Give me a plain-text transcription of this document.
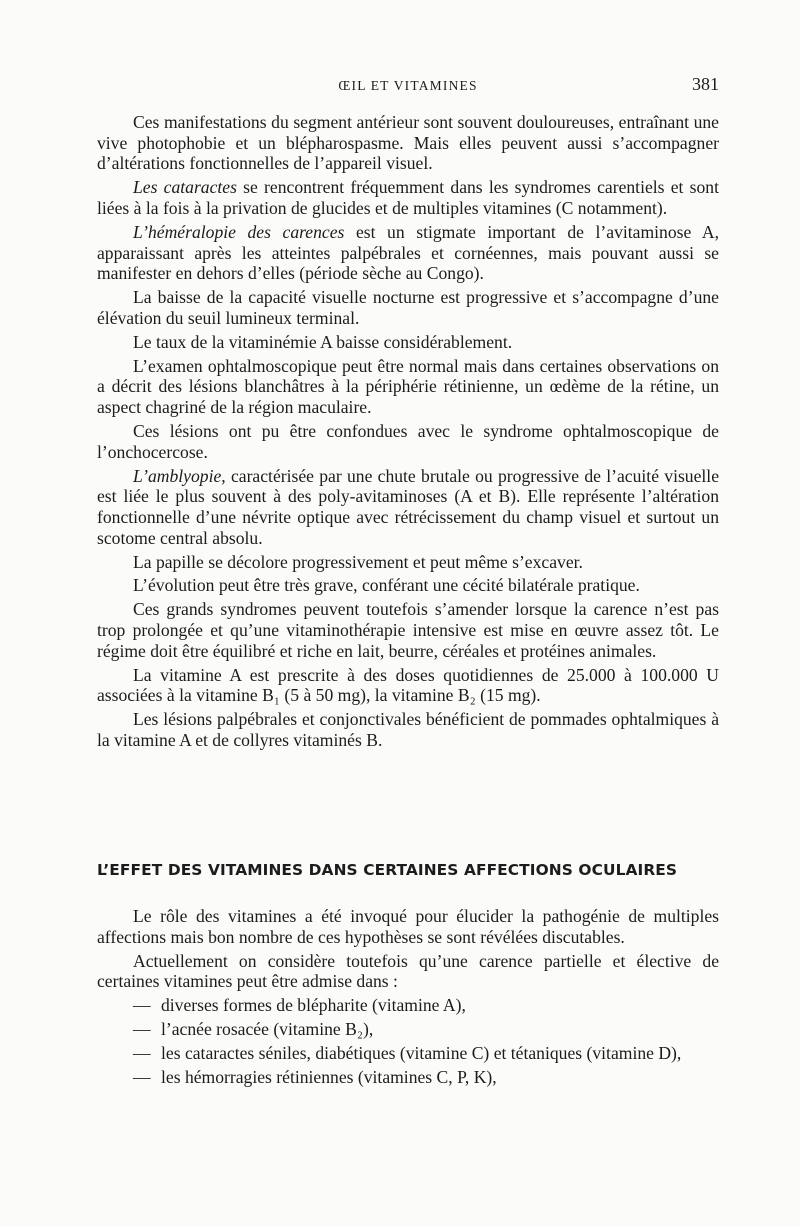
ŒIL ET VITAMINES	381

Ces manifestations du segment antérieur sont souvent douloureuses, entraînant une vive photophobie et un blépharospasme. Mais elles peuvent aussi s’accompagner d’altérations fonctionnelles de l’appareil visuel.

Les cataractes se rencontrent fréquemment dans les syndromes carentiels et sont liées à la fois à la privation de glucides et de multiples vitamines (C notamment).

L’héméralopie des carences est un stigmate important de l’avitaminose A, apparaissant après les atteintes palpébrales et cornéennes, mais pouvant aussi se manifester en dehors d’elles (période sèche au Congo).

La baisse de la capacité visuelle nocturne est progressive et s’accompagne d’une élévation du seuil lumineux terminal.

Le taux de la vitaminémie A baisse considérablement.

L’examen ophtalmoscopique peut être normal mais dans certaines observations on a décrit des lésions blanchâtres à la périphérie rétinienne, un œdème de la rétine, un aspect chagriné de la région maculaire.

Ces lésions ont pu être confondues avec le syndrome ophtalmoscopique de l’onchocercose.

L’amblyopie, caractérisée par une chute brutale ou progressive de l’acuité visuelle est liée le plus souvent à des poly-avitaminoses (A et B). Elle représente l’altération fonctionnelle d’une névrite optique avec rétrécissement du champ visuel et surtout un scotome central absolu.

La papille se décolore progressivement et peut même s’excaver.

L’évolution peut être très grave, conférant une cécité bilatérale pratique.

Ces grands syndromes peuvent toutefois s’amender lorsque la carence n’est pas trop prolongée et qu’une vitaminothérapie intensive est mise en œuvre assez tôt. Le régime doit être équilibré et riche en lait, beurre, céréales et protéines animales.

La vitamine A est prescrite à des doses quotidiennes de 25.000 à 100.000 U associées à la vitamine B₁ (5 à 50 mg), la vitamine B₂ (15 mg).

Les lésions palpébrales et conjonctivales bénéficient de pommades ophtalmiques à la vitamine A et de collyres vitaminés B.

L’EFFET DES VITAMINES DANS CERTAINES AFFECTIONS OCULAIRES

Le rôle des vitamines a été invoqué pour élucider la pathogénie de multiples affections mais bon nombre de ces hypothèses se sont révélées discutables.

Actuellement on considère toutefois qu’une carence partielle et élective de certaines vitamines peut être admise dans :

— diverses formes de blépharite (vitamine A),
— l’acnée rosacée (vitamine B₂),
— les cataractes séniles, diabétiques (vitamine C) et tétaniques (vitamine D),
— les hémorragies rétiniennes (vitamines C, P, K),
